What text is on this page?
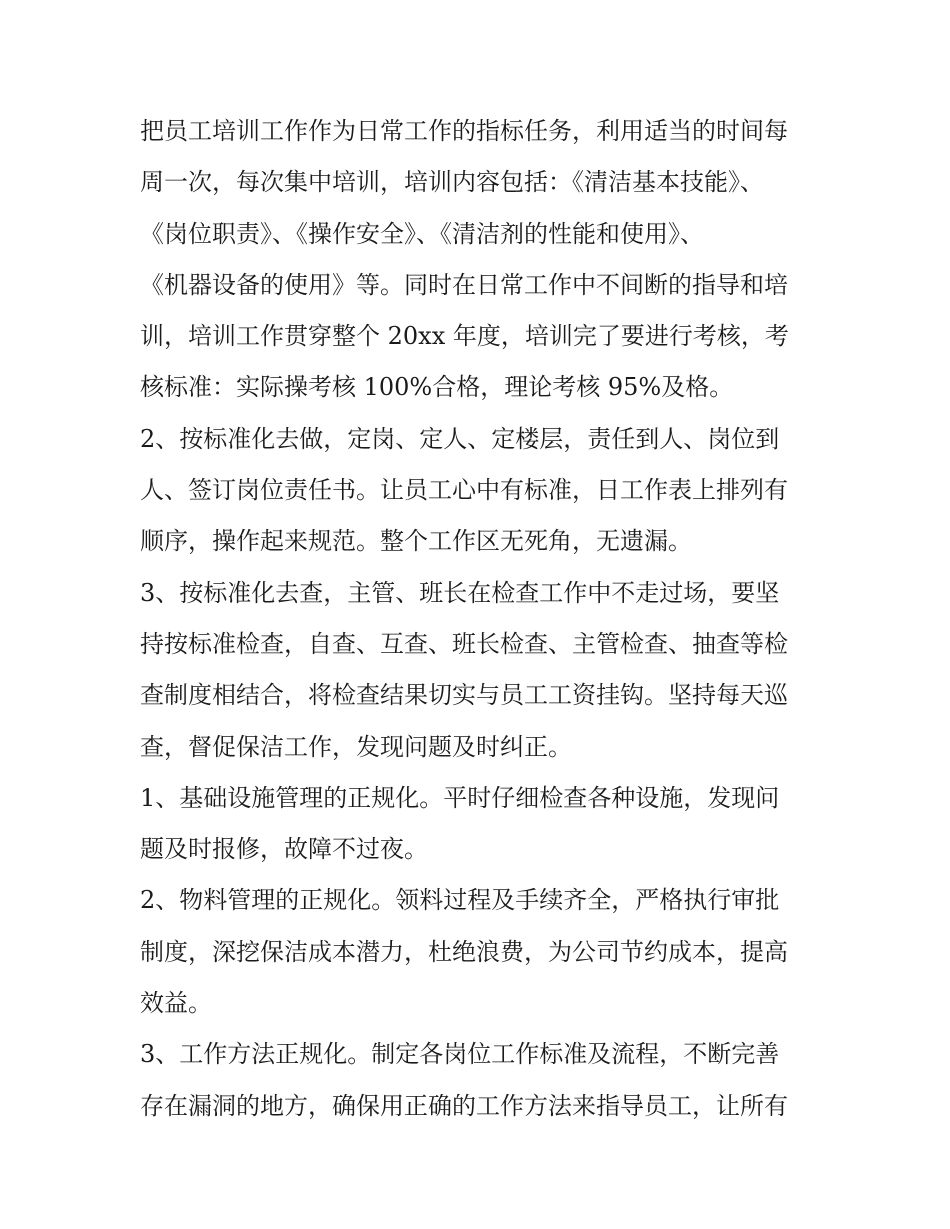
把员工培训工作作为日常工作的指标任务，利用适当的时间每
周一次，每次集中培训，培训内容包括：《清洁基本技能》、
《岗位职责》、《操作安全》、《清洁剂的性能和使用》、
《机器设备的使用》等。同时在日常工作中不间断的指导和培
训，培训工作贯穿整个 20xx 年度，培训完了要进行考核，考
核标准：实际操考核 100%合格，理论考核 95%及格。
2、按标准化去做，定岗、定人、定楼层，责任到人、岗位到
人、签订岗位责任书。让员工心中有标准，日工作表上排列有
顺序，操作起来规范。整个工作区无死角，无遗漏。
3、按标准化去查，主管、班长在检查工作中不走过场，要坚
持按标准检查，自查、互查、班长检查、主管检查、抽查等检
查制度相结合，将检查结果切实与员工工资挂钩。坚持每天巡
查，督促保洁工作，发现问题及时纠正。
1、基础设施管理的正规化。平时仔细检查各种设施，发现问
题及时报修，故障不过夜。
2、物料管理的正规化。领料过程及手续齐全，严格执行审批
制度，深挖保洁成本潜力，杜绝浪费，为公司节约成本，提高
效益。
3、工作方法正规化。制定各岗位工作标准及流程，不断完善
存在漏洞的地方，确保用正确的工作方法来指导员工，让所有
